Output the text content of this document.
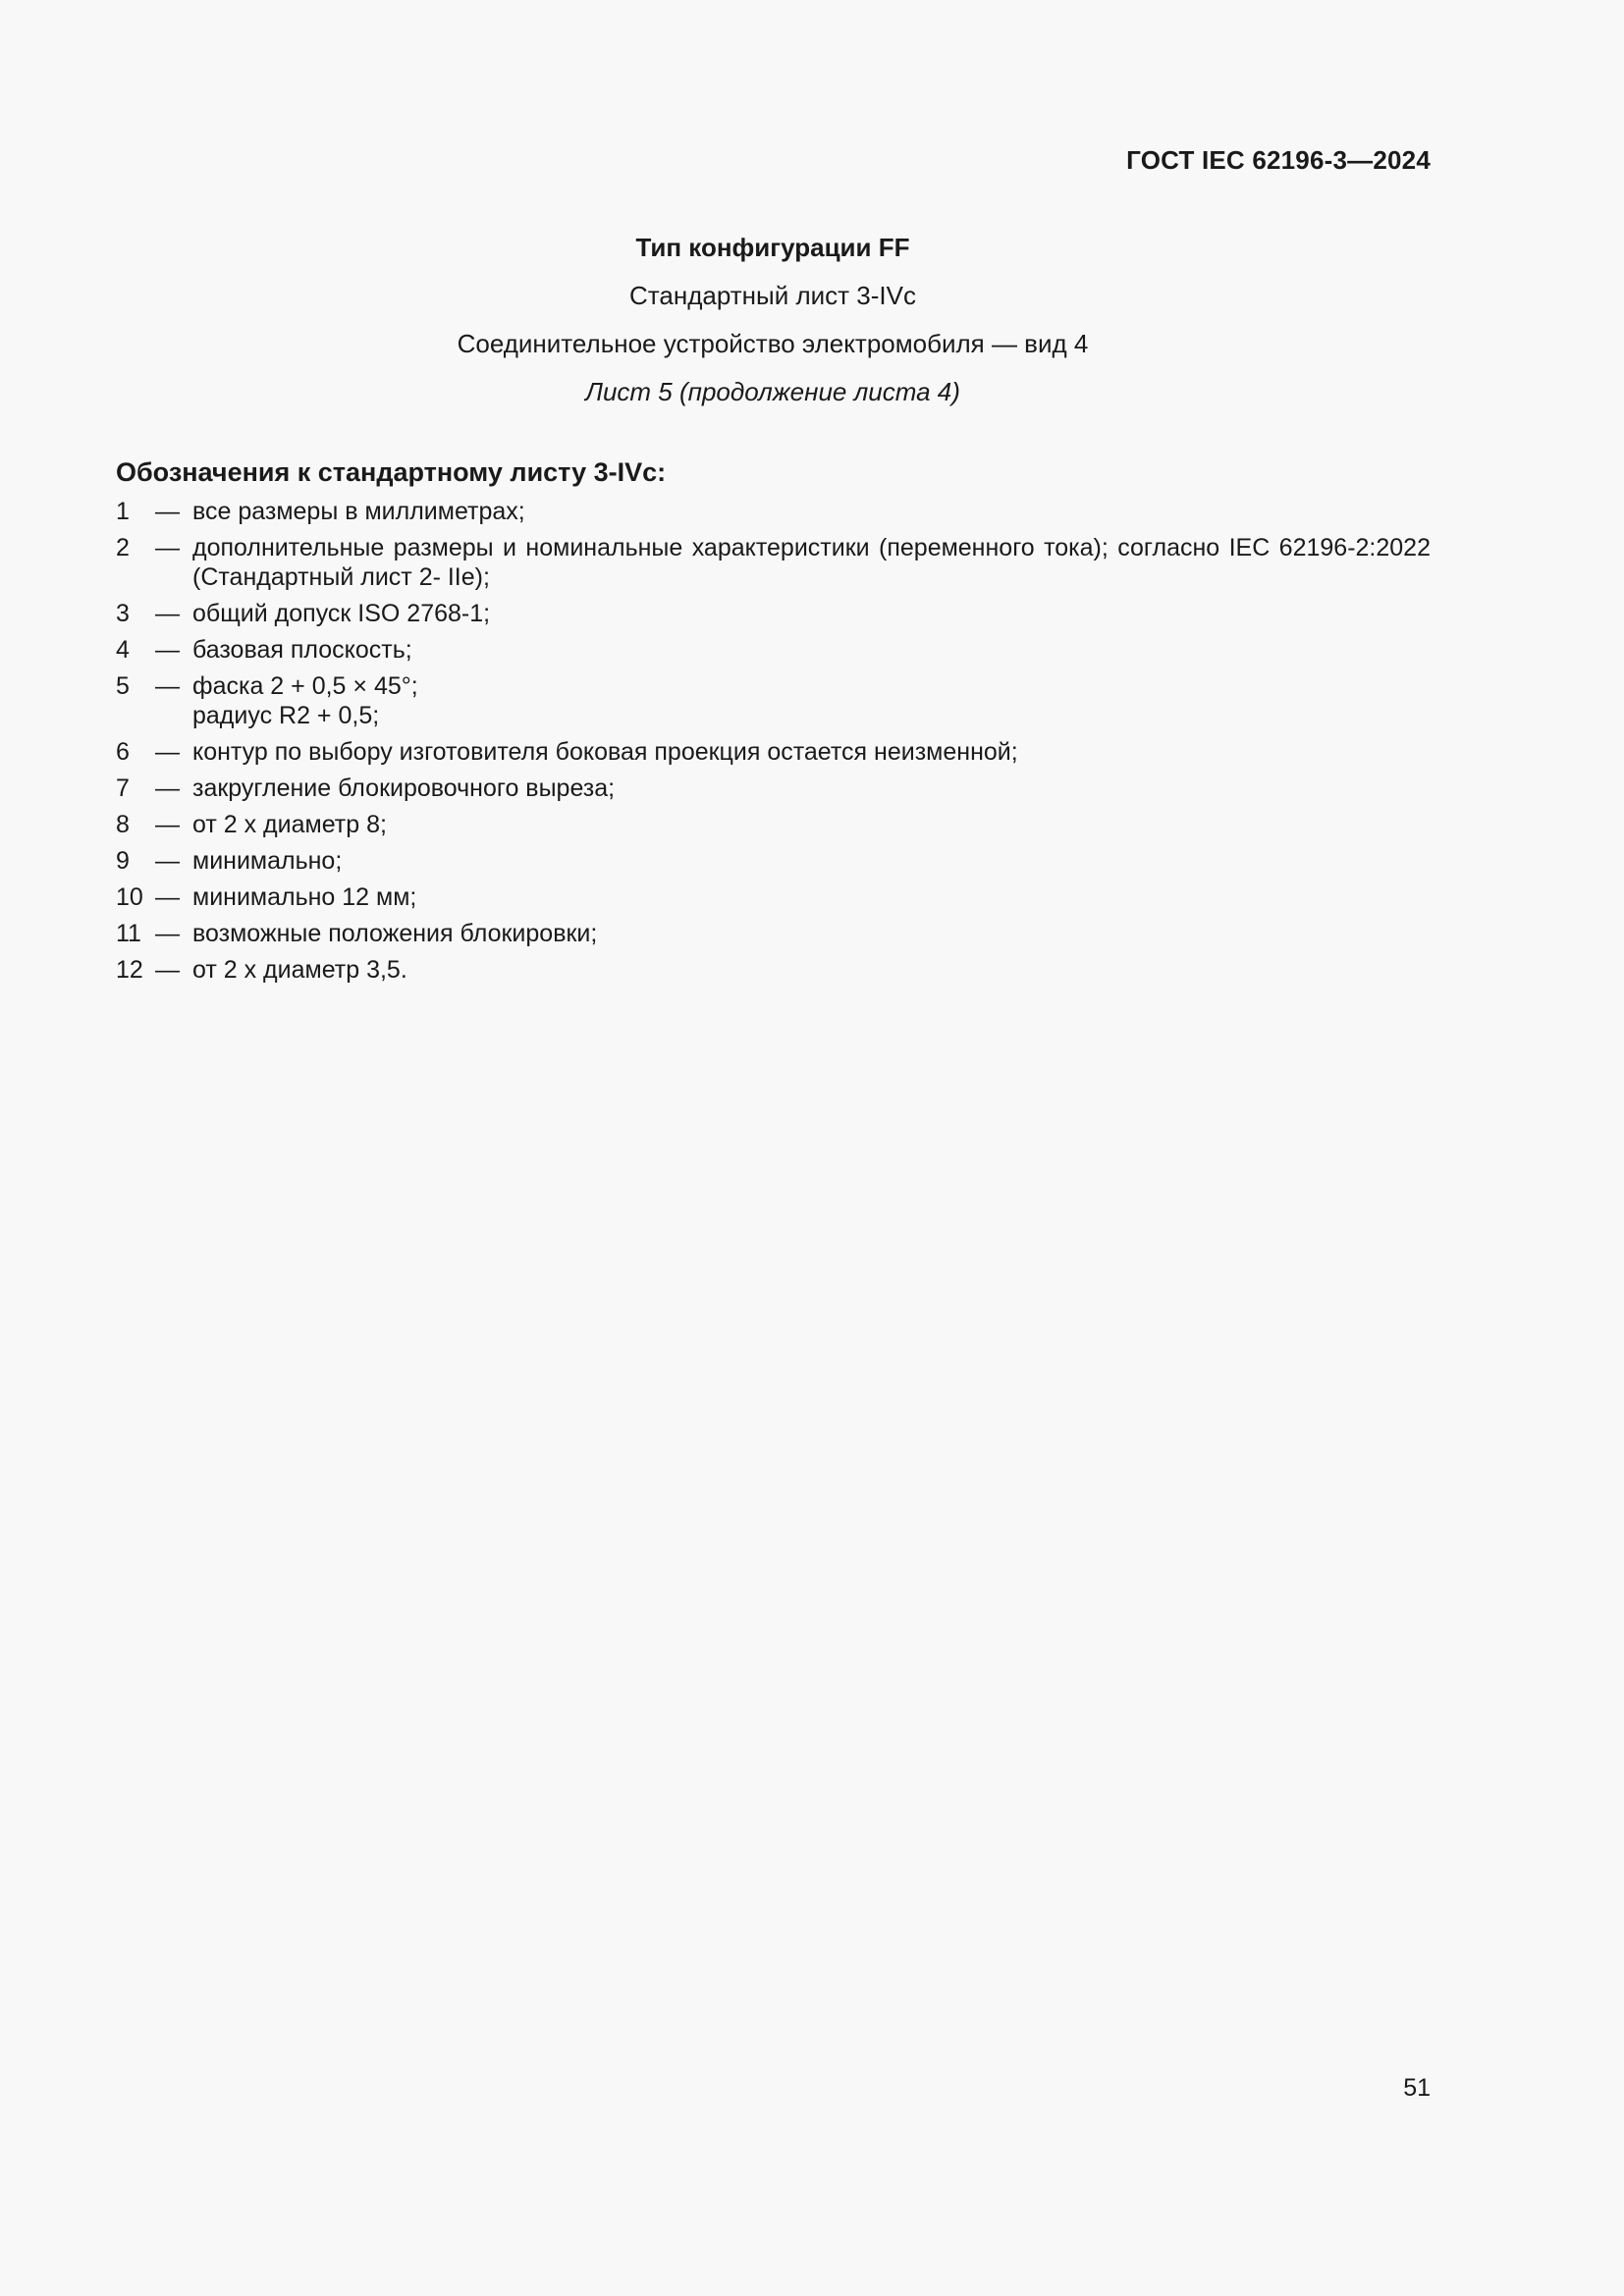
ГОСТ IEC 62196-3—2024
Тип конфигурации FF
Стандартный лист 3-IVc
Соединительное устройство электромобиля — вид 4
Лист 5 (продолжение листа 4)
Обозначения к стандартному листу 3-IVc:
1	— все размеры в миллиметрах;
2	— дополнительные размеры и номинальные характеристики (переменного тока); согласно IEC 62196-2:2022 (Стандартный лист 2- IIe);
3	— общий допуск ISO 2768-1;
4	— базовая плоскость;
5	— фаска 2 + 0,5 × 45°;
радиус R2 + 0,5;
6	— контур по выбору изготовителя боковая проекция остается неизменной;
7	— закругление блокировочного выреза;
8	— от 2 x диаметр 8;
9	— минимально;
10 — минимально 12 мм;
11 — возможные положения блокировки;
12 — от 2 x диаметр 3,5.
51
